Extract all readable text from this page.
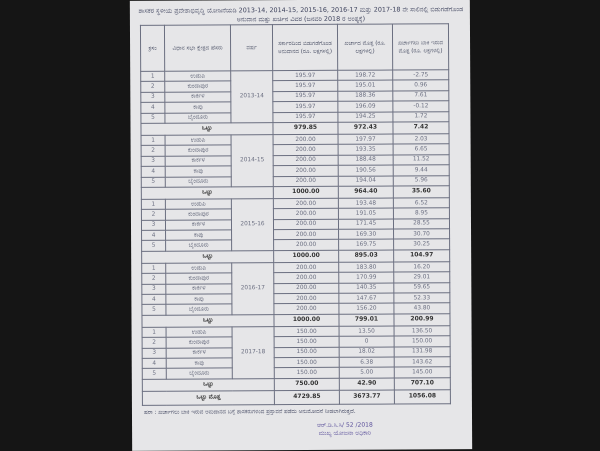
ಶಾಸಕರ ಸ್ಥಳೀಯ ಪ್ರದೇಶಾಭಿವೃದ್ಧಿ ಯೋಜನೆಯಡಿ 2013-14, 2014-15, 2015-16, 2016-17 ಮತ್ತು 2017-18 ನೇ ಸಾಲಿನಲ್ಲಿ ಬಿಡುಗಡೆಗೊಂಡ ಅನುದಾನ ಮತ್ತು ಖರ್ಚಿನ ವಿವರ (ಜನವರಿ 2018 ರ ಅಂತ್ಯಕ್ಕೆ)
ಕ್ರಸಂ	ವಿಧಾನ ಸಭಾ ಕ್ಷೇತ್ರದ ಹೆಸರು	ವರ್ಷ	ಸರ್ಕಾರದಿಂದ ಬಿಡುಗಡೆಗೊಂಡ ಅನುದಾನದ (ರೂ. ಲಕ್ಷಗಳಲ್ಲಿ)	ಖರ್ಚಾದ ಮೊತ್ತ (ರೂ. ಲಕ್ಷಗಳಲ್ಲಿ)	ಖರ್ಚಾಗಲು ಬಾಕಿ ಇರುವ ಮೊತ್ತ (ರೂ. ಲಕ್ಷಗಳಲ್ಲಿ)
1	ಉಡುಪಿ	2013-14	195.97	198.72	-2.75
2	ಕುಂದಾಪುರ		195.97	195.01	0.96
3	ಕಾರ್ಕಳ		195.97	188.36	7.61
4	ಕಾಪು		195.97	196.09	-0.12
5	ಬೈಂದೂರು		195.97	194.25	1.72
ಒಟ್ಟು			979.85	972.43	7.42
1	ಉಡುಪಿ	2014-15	200.00	197.97	2.03
2	ಕುಂದಾಪುರ		200.00	193.35	6.65
3	ಕಾರ್ಕಳ		200.00	188.48	11.52
4	ಕಾಪು		200.00	190.56	9.44
5	ಬೈಂದೂರು		200.00	194.04	5.96
ಒಟ್ಟು			1000.00	964.40	35.60
1	ಉಡುಪಿ	2015-16	200.00	193.48	6.52
2	ಕುಂದಾಪುರ		200.00	191.05	8.95
3	ಕಾರ್ಕಳ		200.00	171.45	28.55
4	ಕಾಪು		200.00	169.30	30.70
5	ಬೈಂದೂರು		200.00	169.75	30.25
ಒಟ್ಟು			1000.00	895.03	104.97
1	ಉಡುಪಿ	2016-17	200.00	183.80	16.20
2	ಕುಂದಾಪುರ		200.00	170.99	29.01
3	ಕಾರ್ಕಳ		200.00	140.35	59.65
4	ಕಾಪು		200.00	147.67	52.33
5	ಬೈಂದೂರು		200.00	156.20	43.80
ಒಟ್ಟು			1000.00	799.01	200.99
1	ಉಡುಪಿ	2017-18	150.00	13.50	136.50
2	ಕುಂದಾಪುರ		150.00	0	150.00
3	ಕಾರ್ಕಳ		150.00	18.02	131.98
4	ಕಾಪು		150.00	6.38	143.62
5	ಬೈಂದೂರು		150.00	5.00	145.00
ಒಟ್ಟು			750.00	42.90	707.10
ಒಟ್ಟು ಮೊತ್ತ			4729.85	3673.77	1056.08
ಷರಾ : ಖರ್ಚಾಗಲು ಬಾಕಿ ಇರುವ ಅನುದಾನದ ಬಗ್ಗೆ ಶಾಸಕರುಗಳಿಂದ ಪ್ರಸ್ತಾವನೆ ಪಡೆದು ಅನುಮೋದನೆ ನೀಡಲಾಗಿರುತ್ತದೆ.
ಆರ್.ಡಿ.ಸಿ.ಸಿ/ 52 /2018
ಮುಖ್ಯ ಯೋಜನಾ ಅಧಿಕಾರಿ
